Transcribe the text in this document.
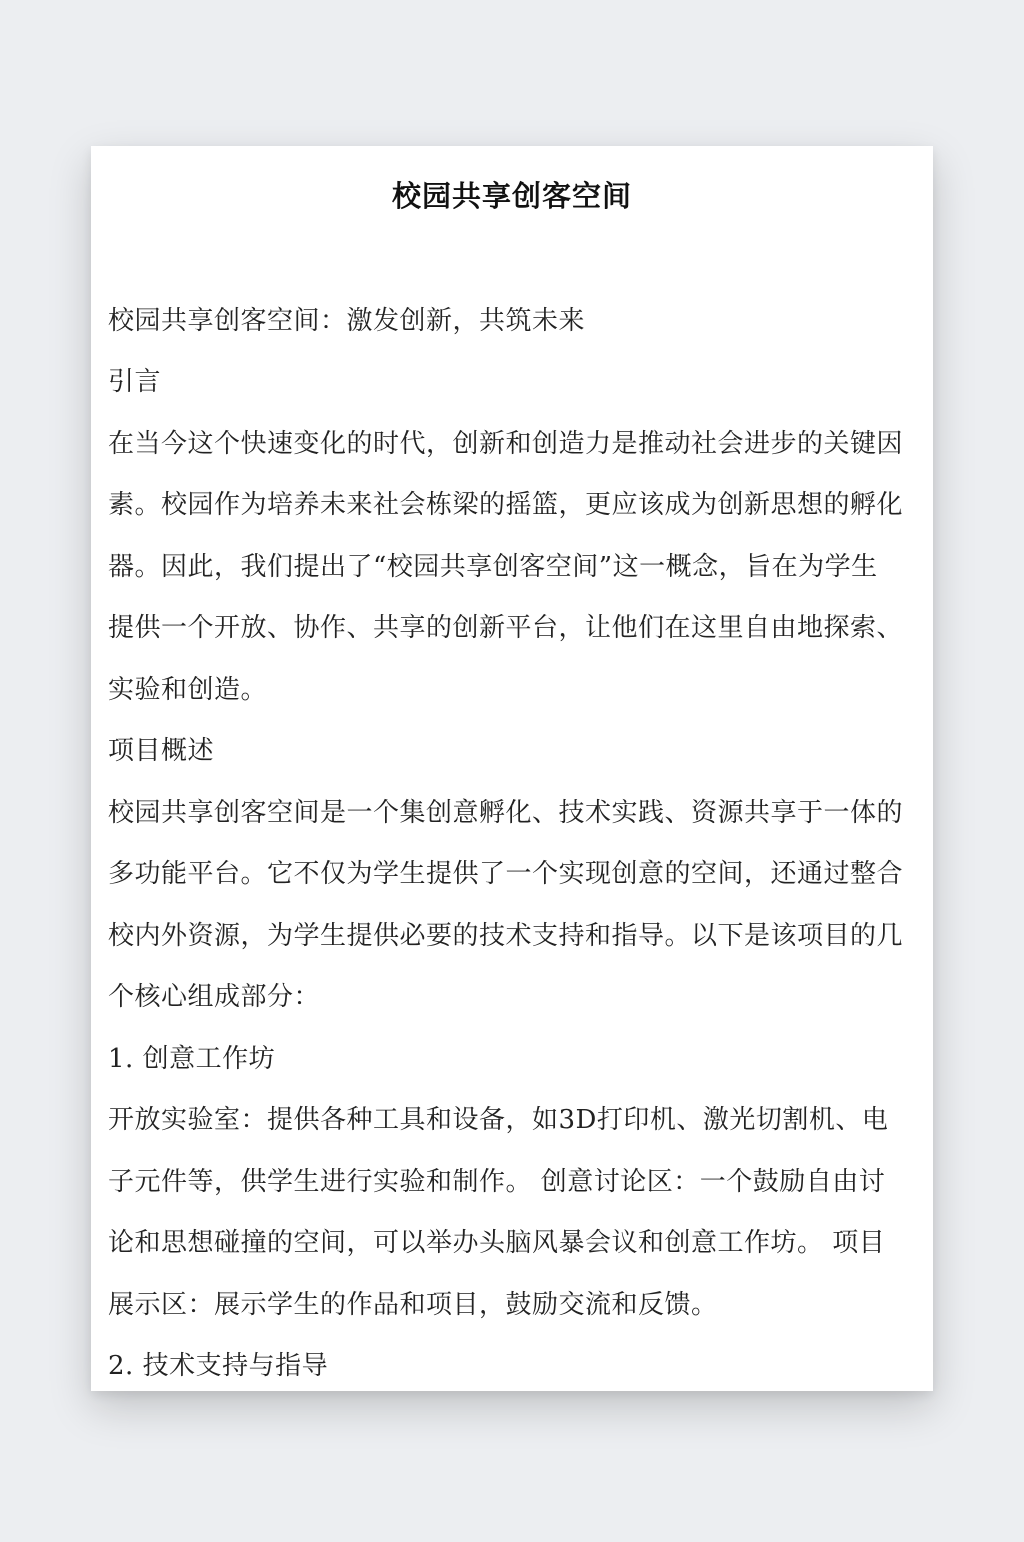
校园共享创客空间
校园共享创客空间：激发创新，共筑未来
引言
在当今这个快速变化的时代，创新和创造力是推动社会进步的关键因
素。校园作为培养未来社会栋梁的摇篮，更应该成为创新思想的孵化
器。因此，我们提出了“校园共享创客空间”这一概念，旨在为学生
提供一个开放、协作、共享的创新平台，让他们在这里自由地探索、
实验和创造。
项目概述
校园共享创客空间是一个集创意孵化、技术实践、资源共享于一体的
多功能平台。它不仅为学生提供了一个实现创意的空间，还通过整合
校内外资源，为学生提供必要的技术支持和指导。以下是该项目的几
个核心组成部分：
1. 创意工作坊
开放实验室：提供各种工具和设备，如3D打印机、激光切割机、电
子元件等，供学生进行实验和制作。 创意讨论区：一个鼓励自由讨
论和思想碰撞的空间，可以举办头脑风暴会议和创意工作坊。 项目
展示区：展示学生的作品和项目，鼓励交流和反馈。
2. 技术支持与指导
